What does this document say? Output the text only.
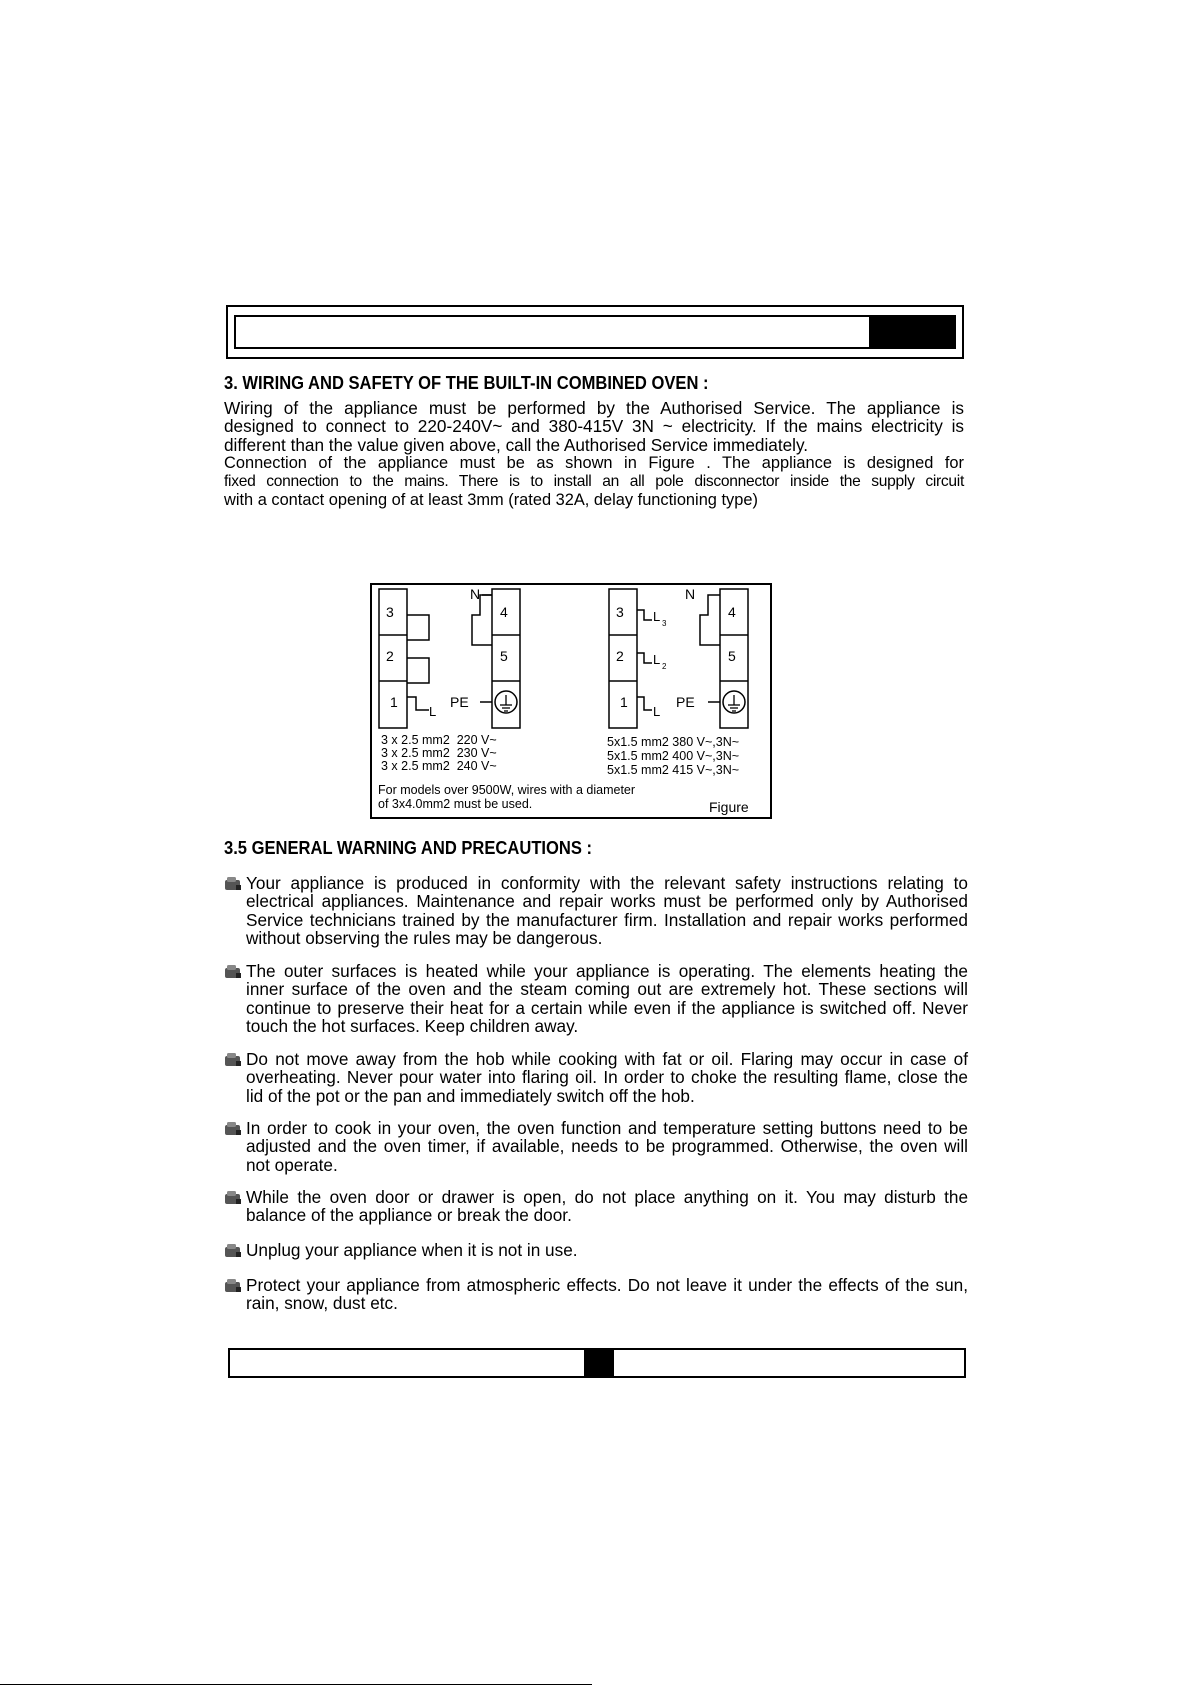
3. WIRING AND SAFETY OF THE BUILT-IN COMBINED OVEN :
Wiring of the appliance must be performed by the Authorised Service. The appliance is
designed to connect to 220-240V~ and 380-415V 3N ~ electricity. If the mains electricity is
different than the value given above, call the Authorised Service immediately.
Connection of the appliance must be as shown in Figure . The appliance is designed for
fixed connection to the mains. There is to install an all pole disconnector inside the supply circuit
with a contact opening of at least 3mm (rated 32A, delay functioning type)
3
2
1
4
5
N
L
PE
3
2
1
4
5
N
L 3
L 2
L
PE
3 x 2.5 mm2  220 V~
3 x 2.5 mm2  230 V~
3 x 2.5 mm2  240 V~
5x1.5 mm2 380 V~,3N~
5x1.5 mm2 400 V~,3N~
5x1.5 mm2 415 V~,3N~
For models over 9500W, wires with a diameter
of 3x4.0mm2 must be used.	Figure
3.5 GENERAL WARNING AND PRECAUTIONS :
Your appliance is produced in conformity with the relevant safety instructions relating to
electrical appliances. Maintenance and repair works must be performed only by Authorised
Service technicians trained by the manufacturer firm. Installation and repair works performed
without observing the rules may be dangerous.
The outer surfaces is heated while your appliance is operating. The elements heating the
inner surface of the oven and the steam coming out are extremely hot. These sections will
continue to preserve their heat for a certain while even if the appliance is switched off. Never
touch the hot surfaces. Keep children away.
Do not move away from the hob while cooking with fat or oil. Flaring may occur in case of
overheating. Never pour water into flaring oil. In order to choke the resulting flame, close the
lid of the pot or the pan and immediately switch off the hob.
In order to cook in your oven, the oven function and temperature setting buttons need to be
adjusted and the oven timer, if available, needs to be programmed. Otherwise, the oven will
not operate.
While the oven door or drawer is open, do not place anything on it. You may disturb the
balance of the appliance or break the door.
Unplug your appliance when it is not in use.
Protect your appliance from atmospheric effects. Do not leave it under the effects of the sun,
rain, snow, dust etc.
